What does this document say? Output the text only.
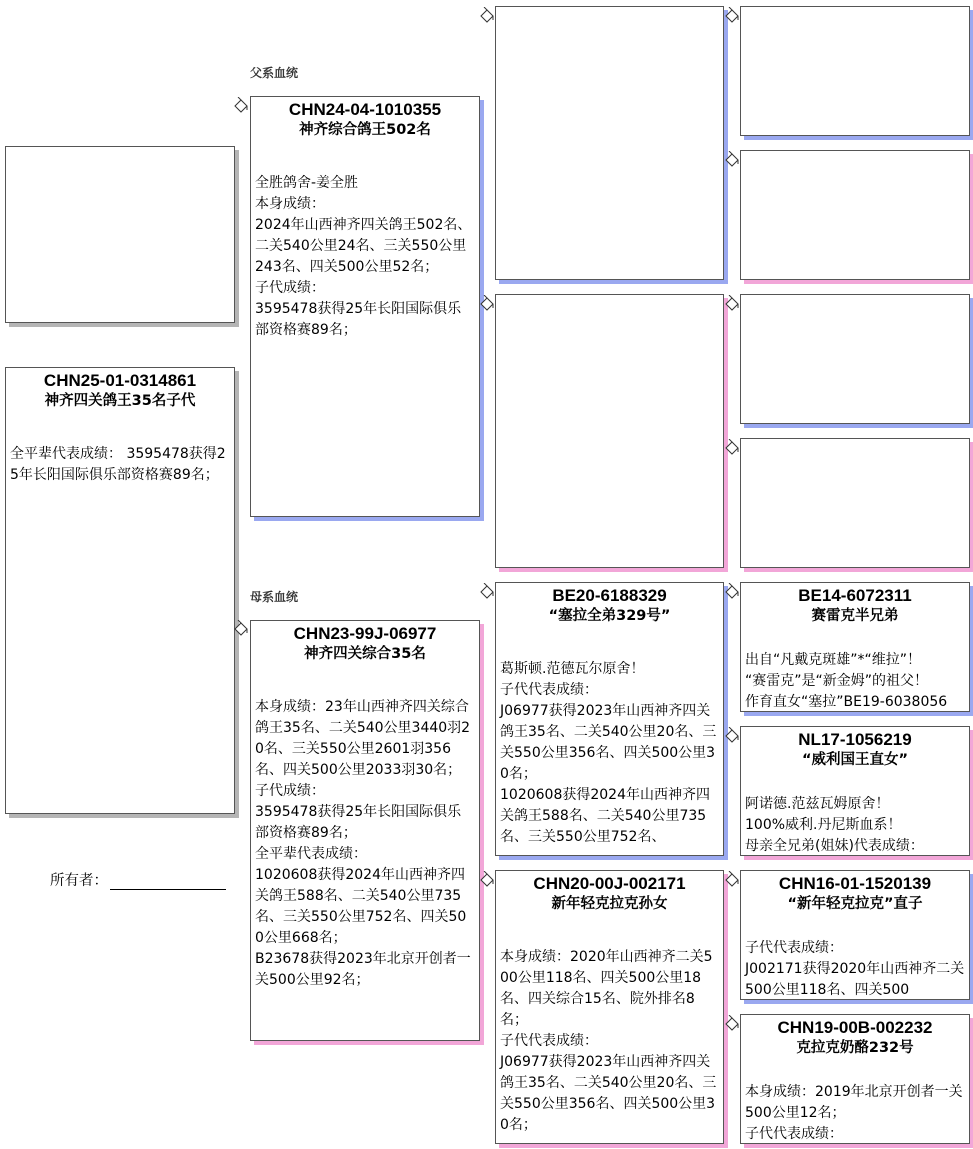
父系血统
母系血统
所有者：
CHN25-01-0314861
神齐四关鸽王35名子代
全平辈代表成绩： 3595478获得25年长阳国际俱乐部资格赛89名；
CHN24-04-1010355
神齐综合鸽王502名
全胜鸽舍-姜全胜
本身成绩：
2024年山西神齐四关鸽王502名、二关540公里24名、三关550公里243名、四关500公里52名；
子代成绩：
3595478获得25年长阳国际俱乐部资格赛89名；
CHN23-99J-06977
神齐四关综合35名
本身成绩：23年山西神齐四关综合鸽王35名、二关540公里3440羽20名、三关550公里2601羽356名、四关500公里2033羽30名；
子代成绩：
3595478获得25年长阳国际俱乐部资格赛89名；
全平辈代表成绩：
1020608获得2024年山西神齐四关鸽王588名、二关540公里735名、三关550公里752名、四关500公里668名；
B23678获得2023年北京开创者一关500公里92名；
BE20-6188329
“塞拉全弟329号”
葛斯顿.范德瓦尔原舍！
子代代表成绩：
J06977获得2023年山西神齐四关鸽王35名、二关540公里20名、三关550公里356名、四关500公里30名；
1020608获得2024年山西神齐四关鸽王588名、二关540公里735名、三关550公里752名、
CHN20-00J-002171
新年轻克拉克孙女
本身成绩：2020年山西神齐二关500公里118名、四关500公里18名、四关综合15名、院外排名8名；
子代代表成绩：
J06977获得2023年山西神齐四关鸽王35名、二关540公里20名、三关550公里356名、四关500公里30名；
BE14-6072311
赛雷克半兄弟
出自“凡戴克斑雄”*“维拉”！
“赛雷克”是“新金姆”的祖父！
作育直女“塞拉”BE19-6038056
NL17-1056219
“威利国王直女”
阿诺德.范兹瓦姆原舍！
100%威利.丹尼斯血系！
母亲全兄弟(姐妹)代表成绩：
CHN16-01-1520139
“新年轻克拉克”直子
子代代表成绩：
J002171获得2020年山西神齐二关500公里118名、四关500
CHN19-00B-002232
克拉克奶酪232号
本身成绩：2019年北京开创者一关500公里12名；
子代代表成绩：
